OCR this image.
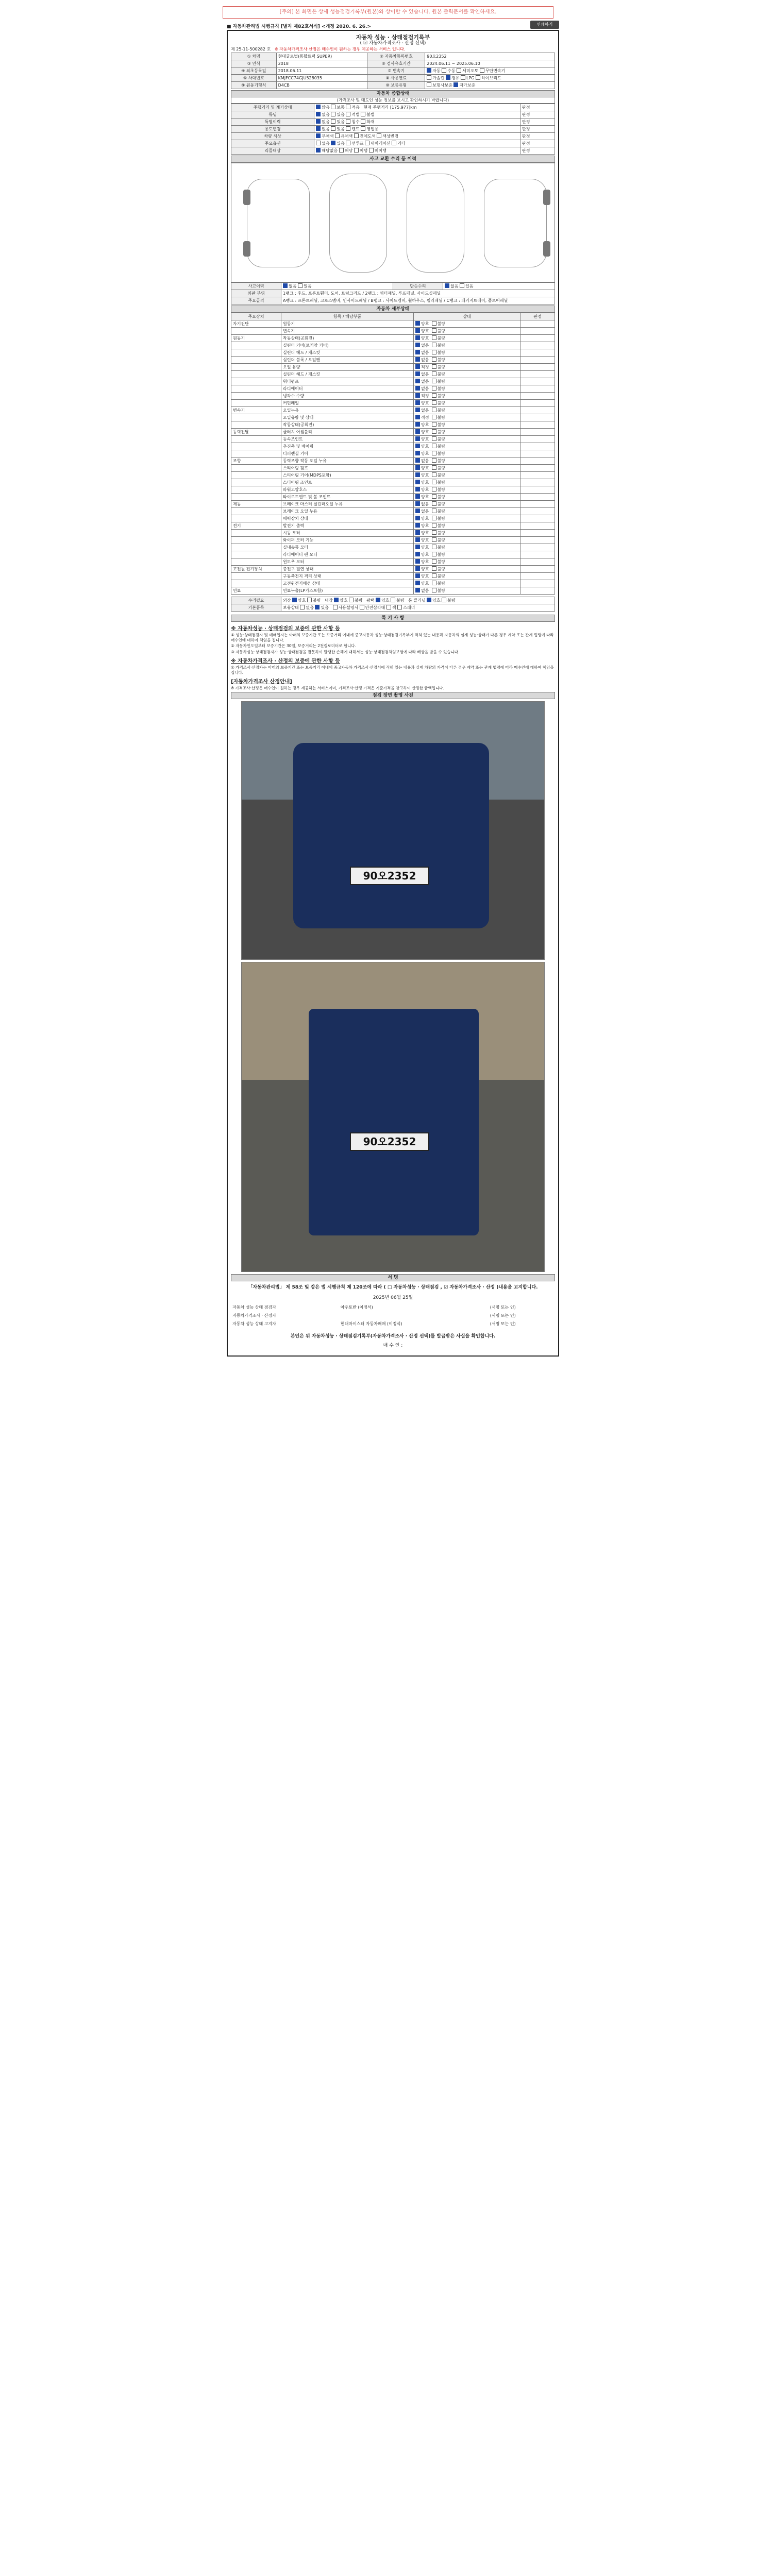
[주의] 본 화면은 상세 성능점검기록부(원본)와 상이할 수 있습니다. 원본 출력문서를 확인하세요.
■ 자동차관리법 시행규칙 [별지 제82호서식] <개정 2020. 6. 26.>	인쇄하기
자동차 성능 · 상태점검기록부
( ☑ 자동차가격조사 · 산정 선택)
제 25-11-500282 호 ※ 자동차가격조사·산정은 매수인이 원하는 경우 제공하는 서비스 입니다.
① 차명	현대글로벌(통합트럭 SUPER)	② 자동차등록번호	90오2352
③ 연식	2018	⑥ 검사유효기간	2024.06.11 ~ 2025.06.10
④ 최초등록일	2018.06.11	⑦ 변속기	자동 수동 세미오토 무단변속기
⑤ 차대번호	KMJFCC74GJU528035	⑧ 사용연료	가솔린 경유 LPG 하이브리드
⑨ 원동기형식	D4CB	⑩ 보증유형	보험사보증 자가보증
자동차 종합상태
(가격조사 및 매도인 성능 정보를 보시고 확인하시기 바랍니다)
주행거리 및 계기상태	많음 보통 적음   현재 주행거리 [175,977]km	판정
튜닝	없음 있음 적법 불법	판정
특별이력	없음 있음 침수 화재	판정
용도변경	없음 있음 렌트 영업용	판정
차량 색상	무채색 유채색 전체도색 색상변경	판정
주요옵션	없음 있음 선루프 내비게이션 기타	판정
리콜대상	해당없음 해당 이행 미이행	판정
사고 교환 수리 등 이력
사고이력	없음 있음	단순수리	없음 있음
외판 부위	1랭크 : 후드, 프론트휀더, 도어, 트렁크리드 / 2랭크 : 쿼터패널, 루프패널, 사이드실패널		
주요골격	A랭크 : 프론트패널, 크로스멤버, 인사이드패널 / B랭크 : 사이드멤버, 휠하우스, 필러패널 / C랭크 : 패키지트레이, 플로어패널		
자동차 세부상태
주요장치	항목 / 해당부품	상태	판정
자기진단	원동기	양호 불량	
	변속기	양호 불량	
원동기	작동상태(공회전)	양호 불량	
	실린더 커버(로커암 커버)	없음 불량	
	실린더 헤드 / 개스킷	없음 불량	
	실린더 블록 / 오일팬	없음 불량	
	오일 유량	적정 불량	
	실린더 헤드 / 개스킷	없음 불량	
	워터펌프	없음 불량	
	라디에이터	없음 불량	
	냉각수 수량	적정 불량	
	커먼레일	양호 불량	
변속기	오일누유	없음 불량	
	오일유량 및 상태	적정 불량	
	작동상태(공회전)	양호 불량	
동력전달	클러치 어셈블리	양호 불량	
	등속조인트	양호 불량	
	추진축 및 베어링	양호 불량	
	디퍼렌셜 기어	양호 불량	
조향	동력조향 작동 오일 누유	없음 불량	
	스티어링 펌프	양호 불량	
	스티어링 기어(MDPS포함)	양호 불량	
	스티어링 조인트	양호 불량	
	파워고압호스	양호 불량	
	타이로드엔드 및 볼 조인트	양호 불량	
제동	브레이크 마스터 실린더오일 누유	없음 불량	
	브레이크 오일 누유	없음 불량	
	배력장치 상태	양호 불량	
전기	발전기 출력	양호 불량	
	시동 모터	양호 불량	
	와이퍼 모터 기능	양호 불량	
	실내송풍 모터	양호 불량	
	라디에이터 팬 모터	양호 불량	
	윈도우 모터	양호 불량	
고전원 전기장치	충전구 절연 상태	양호 불량	
	구동축전지 격리 상태	양호 불량	
	고전원전기배선 상태	양호 불량	
연료	연료누출(LP가스포함)	없음 불량	
수리필요	외장 양호 불량   내장 양호 불량   광택 양호 불량   룸 클리닝 양호 불량
기본품목	보유상태 없음 있음   사용설명서 안전삼각대 잭 스패너
특 기 사 항
※ 자동차성능 · 상태점검의 보증에 관한 사항 등

① 성능·상태점검자 및 매매업자는 아래의 보증기간 또는 보증거리 이내에 중고자동차 성능·상태점검기록부에 적혀 있는 내용과 자동차의 실제 성능·상태가 다른 경우 계약 또는 관계 법령에 따라 매수인에 대하여 책임을 집니다.

② 자동차인도일부터 보증기간은 30일, 보증거리는 2천킬로미터로 합니다.

③ 자동차성능·상태점검자가 성능·상태점검을 잘못하여 발생한 손해에 대해서는 성능·상태점검책임보험에 따라 배상을 받을 수 있습니다.

※ 자동차가격조사 · 산정의 보증에 관한 사항 등

① 가격조사·산정자는 아래의 보증기간 또는 보증거리 이내에 중고자동차 가격조사·산정서에 적혀 있는 내용과 실제 차량의 가격이 다른 경우 계약 또는 관계 법령에 따라 매수인에 대하여 책임을 집니다.

[자동차가격조사 산정안내]

※ 가격조사·산정은 매수인이 원하는 경우 제공하는 서비스이며, 가격조사·산정 가격은 기준가격을 참고하여 산정한 금액입니다.

점검 장면 촬영 사진
90오2352
90오2352
서 명
「자동차관리법」 제 58조 및 같은 법 시행규칙 제 120조에 따라 ( □ 자동차성능 · 상태점검 , ☑ 자동차가격조사 · 산정 )내용을 고지합니다.
2025년 06월 25일
자동차 성능 상태 점검자	아우토반 (이정석)	(서명 또는 인)
자동차가격조사 · 산정자		(서명 또는 인)
자동차 성능 상태 고지자	현대마이스터 자동차매매 (이정석)	(서명 또는 인)
본인은 위 자동차성능 · 상태점검기록부(자동차가격조사 · 산정 선택)를 발급받은 사실을 확인합니다.
매 수 인 :
